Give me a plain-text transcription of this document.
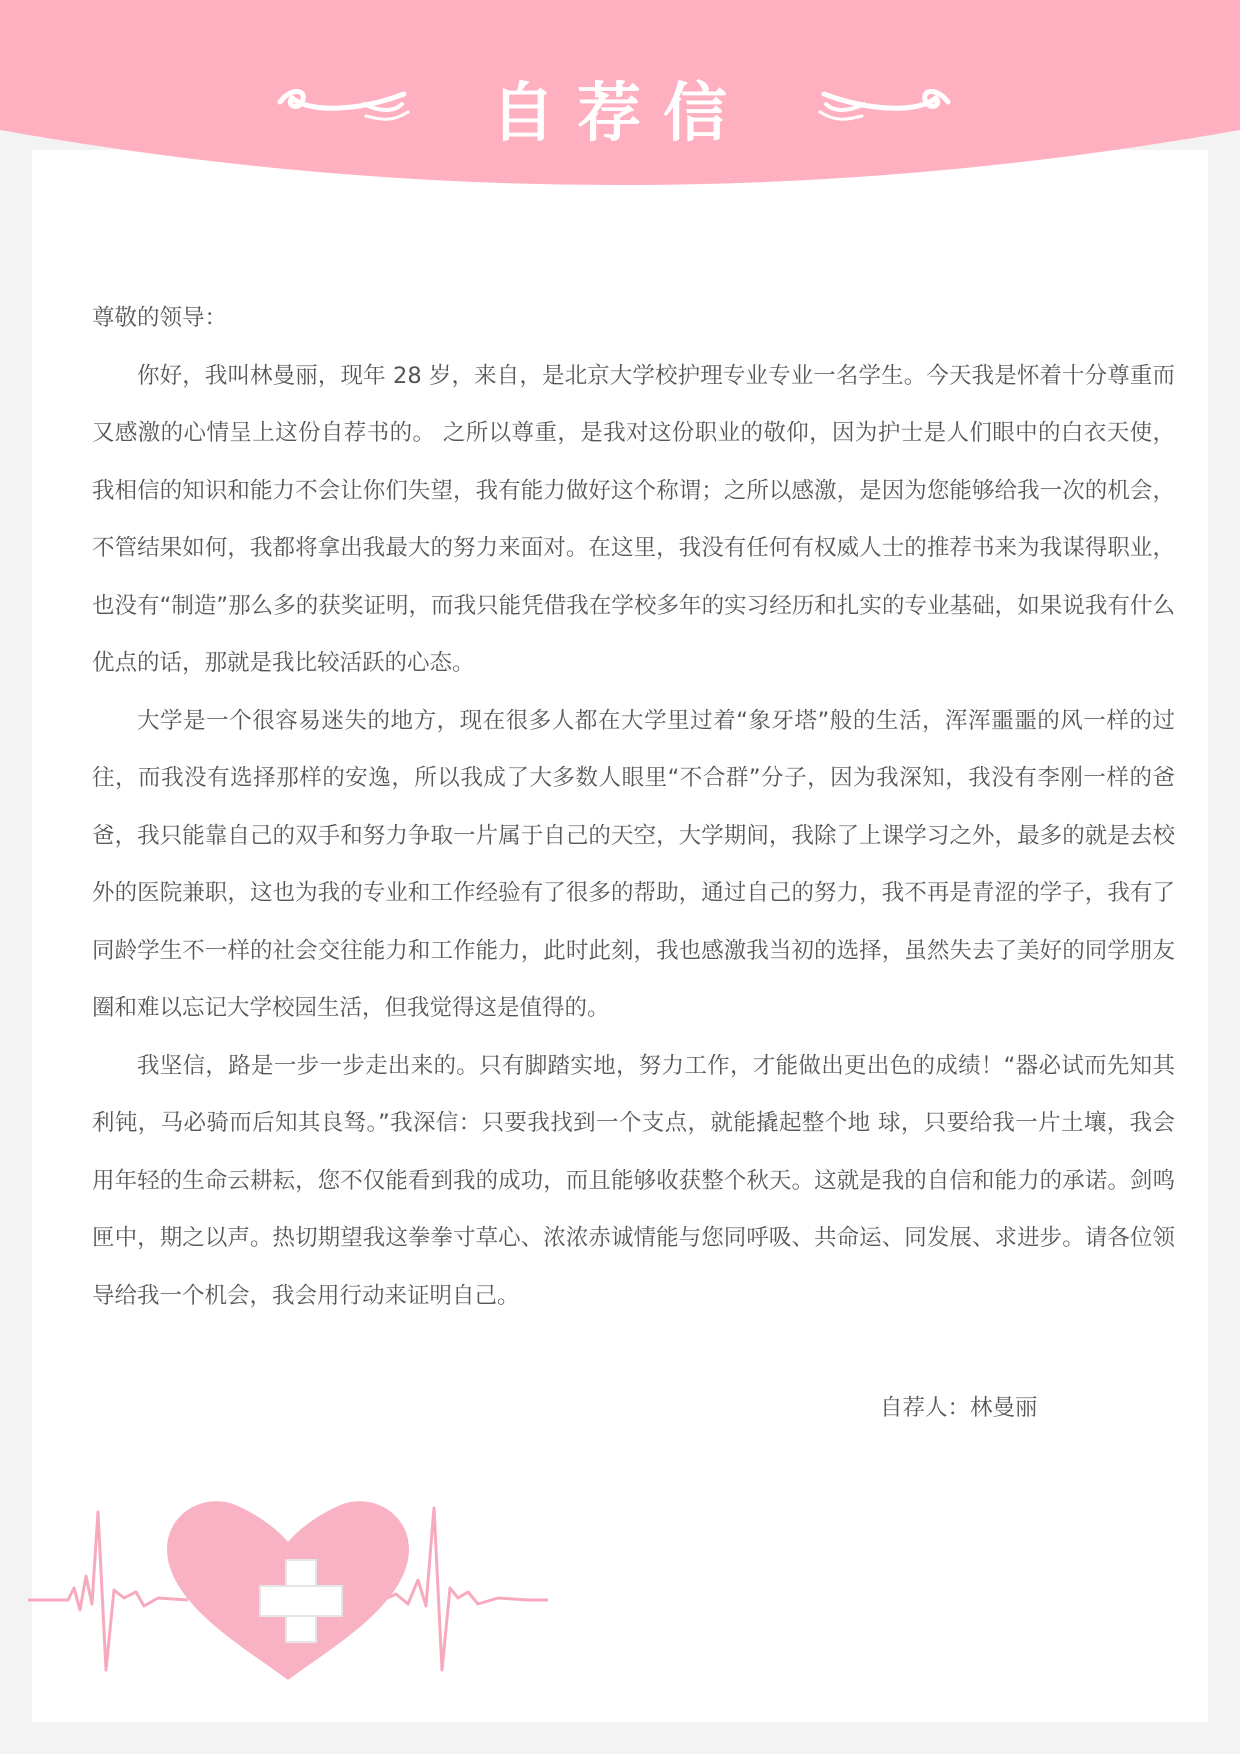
自荐信

尊敬的领导：

你好，我叫林曼丽，现年 28 岁，来自，是北京大学校护理专业专业一名学生。今天我是怀着十分尊重而又感激的心情呈上这份自荐书的。 之所以尊重，是我对这份职业的敬仰，因为护士是人们眼中的白衣天使，我相信的知识和能力不会让你们失望，我有能力做好这个称谓；之所以感激，是因为您能够给我一次的机会，不管结果如何，我都将拿出我最大的努力来面对。在这里，我没有任何有权威人士的推荐书来为我谋得职业，也没有“制造”那么多的获奖证明，而我只能凭借我在学校多年的实习经历和扎实的专业基础，如果说我有什么优点的话，那就是我比较活跃的心态。

大学是一个很容易迷失的地方，现在很多人都在大学里过着“象牙塔”般的生活，浑浑噩噩的风一样的过往，而我没有选择那样的安逸，所以我成了大多数人眼里“不合群”分子，因为我深知，我没有李刚一样的爸爸，我只能靠自己的双手和努力争取一片属于自己的天空，大学期间，我除了上课学习之外，最多的就是去校外的医院兼职，这也为我的专业和工作经验有了很多的帮助，通过自己的努力，我不再是青涩的学子，我有了同龄学生不一样的社会交往能力和工作能力，此时此刻，我也感激我当初的选择，虽然失去了美好的同学朋友圈和难以忘记大学校园生活，但我觉得这是值得的。

我坚信，路是一步一步走出来的。只有脚踏实地，努力工作，才能做出更出色的成绩！“器必试而先知其利钝，马必骑而后知其良驽。”我深信：只要我找到一个支点，就能撬起整个地 球，只要给我一片土壤，我会用年轻的生命云耕耘，您不仅能看到我的成功，而且能够收获整个秋天。这就是我的自信和能力的承诺。剑鸣匣中，期之以声。热切期望我这拳拳寸草心、浓浓赤诚情能与您同呼吸、共命运、同发展、求进步。请各位领导给我一个机会，我会用行动来证明自己。

自荐人：林曼丽
